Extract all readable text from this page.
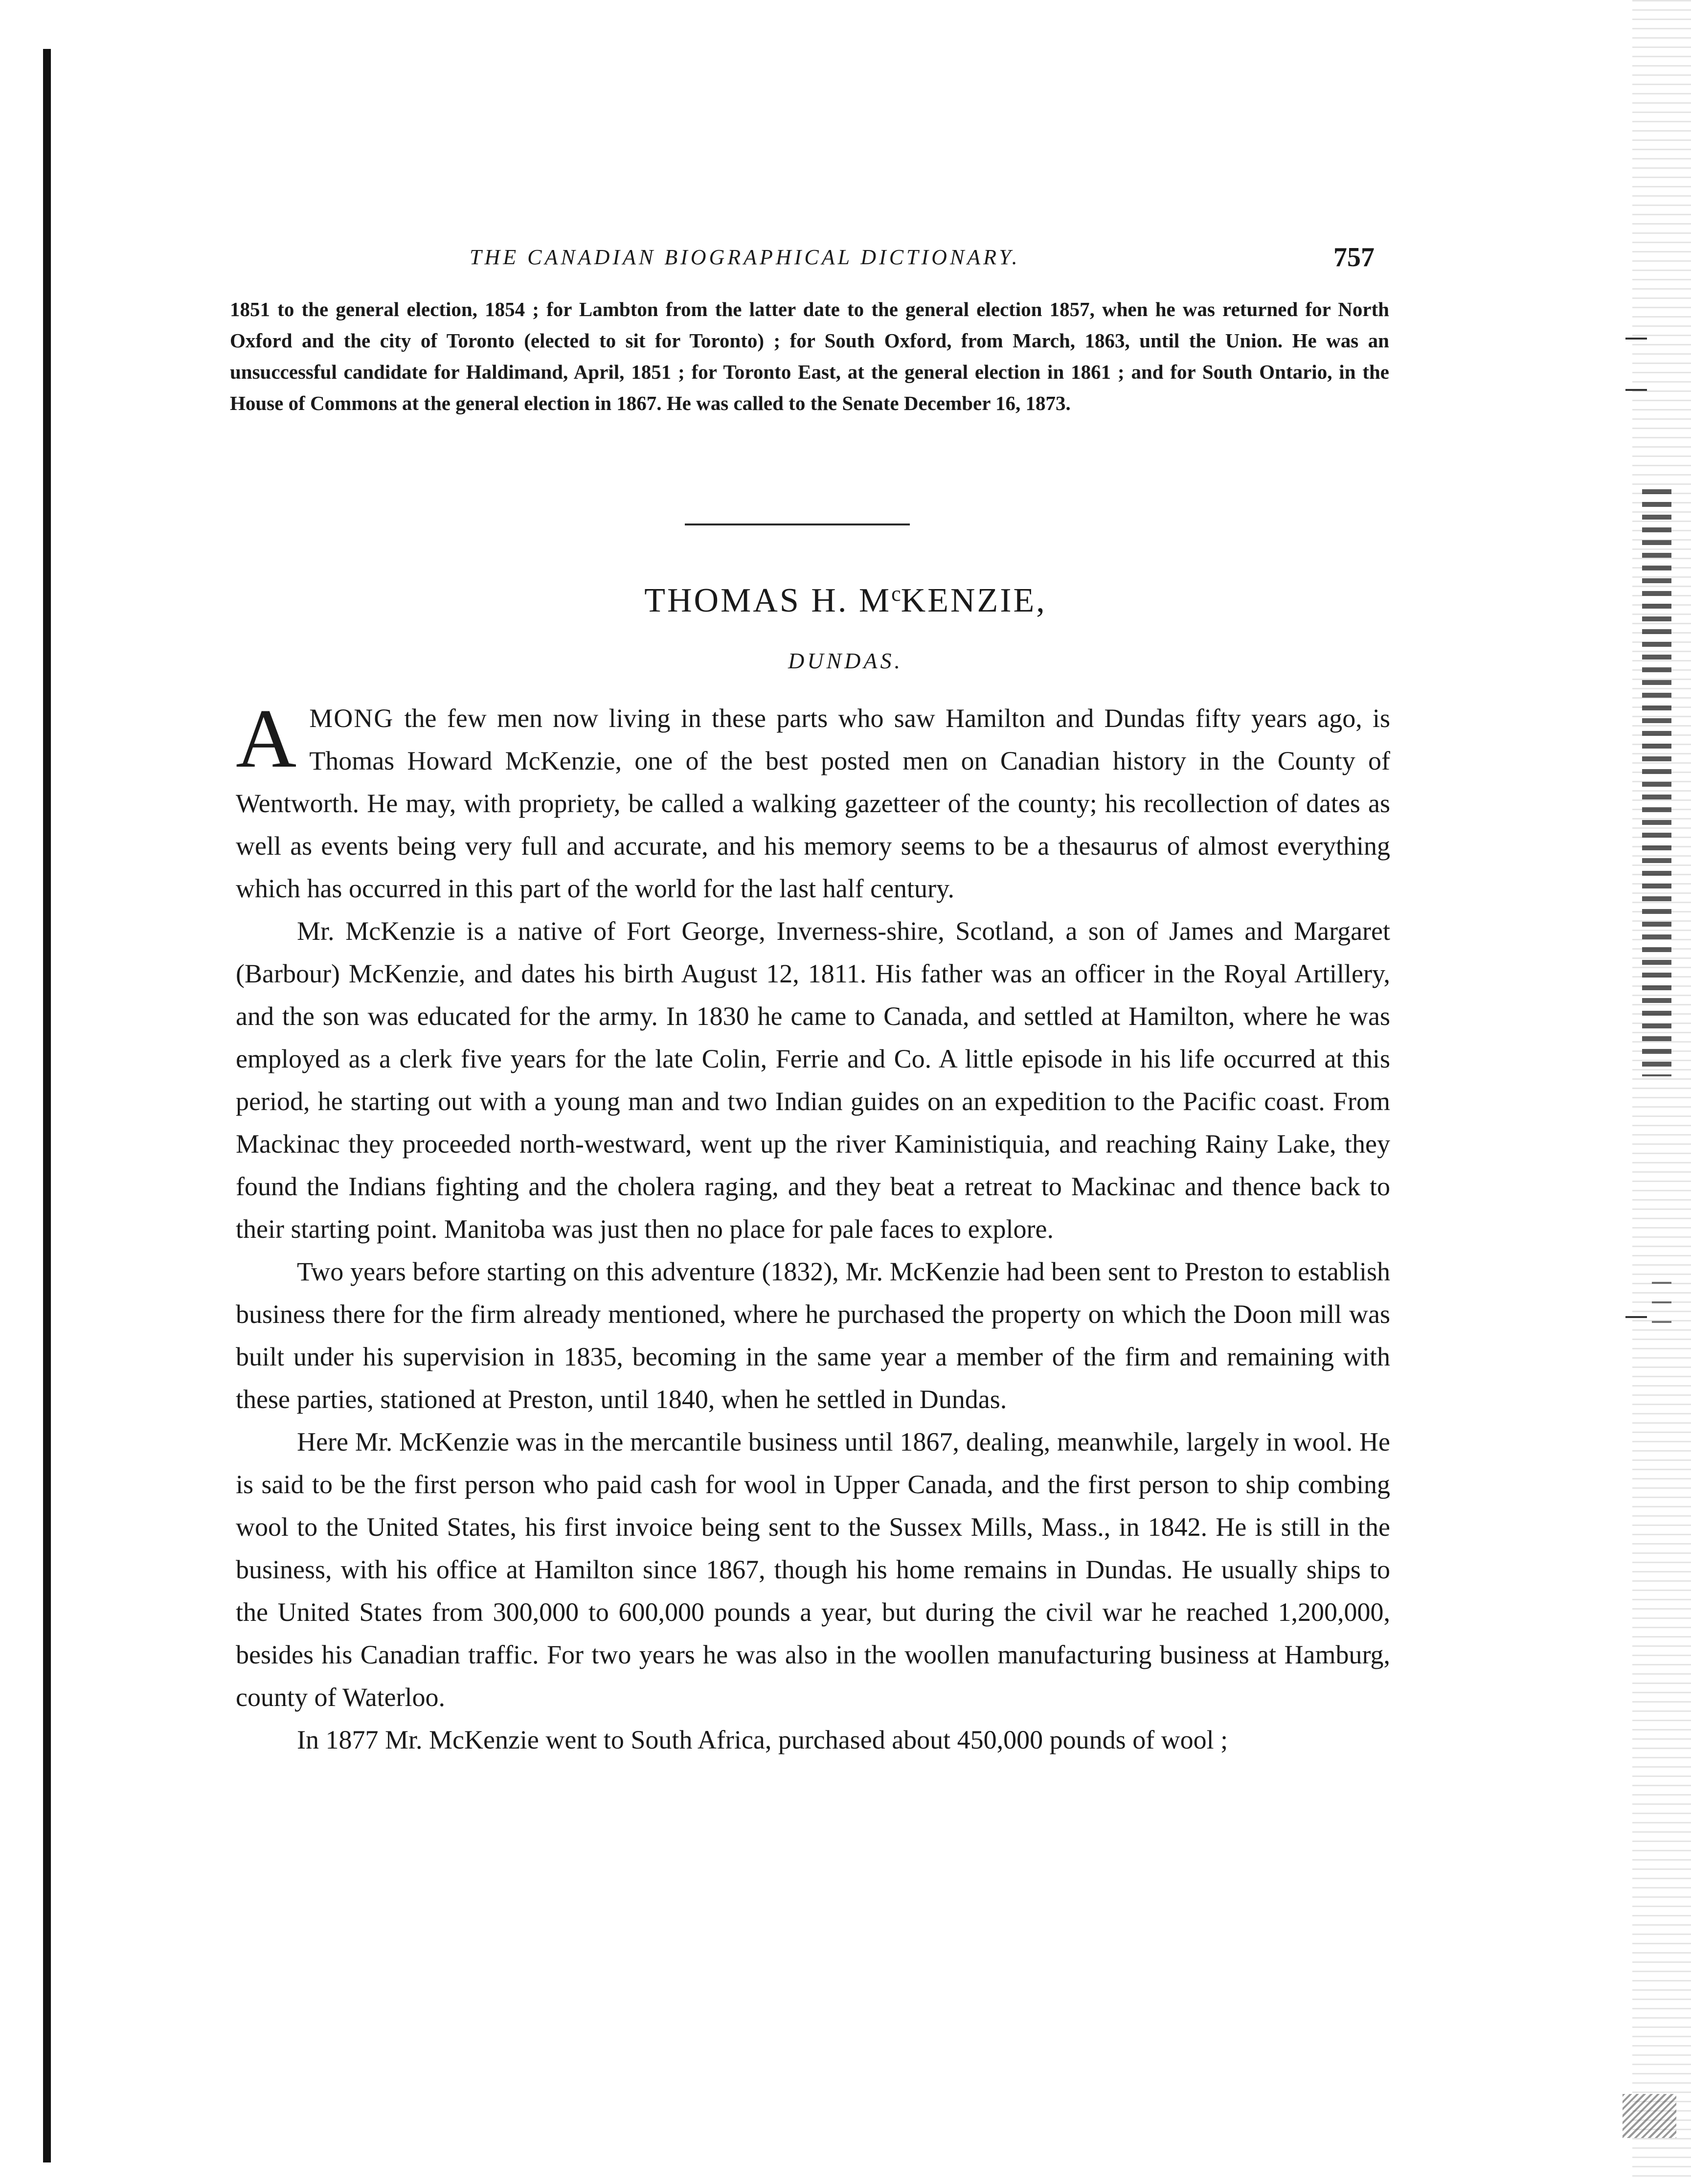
THE CANADIAN BIOGRAPHICAL DICTIONARY.	757
1851 to the general election, 1854 ; for Lambton from the latter date to the general election 1857, when he was returned for North Oxford and the city of Toronto (elected to sit for Toronto) ; for South Oxford, from March, 1863, until the Union. He was an unsuccessful candidate for Haldimand, April, 1851 ; for Toronto East, at the general election in 1861 ; and for South Ontario, in the House of Commons at the general election in 1867. He was called to the Senate December 16, 1873.
THOMAS H. $M^cKENZIE$,
DUNDAS.

AMONG the few men now living in these parts who saw Hamilton and Dundas fifty years ago, is Thomas Howard McKenzie, one of the best posted men on Canadian history in the County of Wentworth. He may, with propriety, be called a walking gazetteer of the county; his recollection of dates as well as events being very full and accurate, and his memory seems to be a thesaurus of almost everything which has occurred in this part of the world for the last half century.

Mr. McKenzie is a native of Fort George, Inverness-shire, Scotland, a son of James and Margaret (Barbour) McKenzie, and dates his birth August 12, 1811. His father was an officer in the Royal Artillery, and the son was educated for the army. In 1830 he came to Canada, and settled at Hamilton, where he was employed as a clerk five years for the late Colin, Ferrie and Co. A little episode in his life occurred at this period, he starting out with a young man and two Indian guides on an expedition to the Pacific coast. From Mackinac they proceeded north-westward, went up the river Kaministiquia, and reaching Rainy Lake, they found the Indians fighting and the cholera raging, and they beat a retreat to Mackinac and thence back to their starting point. Manitoba was just then no place for pale faces to explore.

Two years before starting on this adventure (1832), Mr. McKenzie had been sent to Preston to establish business there for the firm already mentioned, where he purchased the property on which the Doon mill was built under his supervision in 1835, becoming in the same year a member of the firm and remaining with these parties, stationed at Preston, until 1840, when he settled in Dundas.

Here Mr. McKenzie was in the mercantile business until 1867, dealing, meanwhile, largely in wool. He is said to be the first person who paid cash for wool in Upper Canada, and the first person to ship combing wool to the United States, his first invoice being sent to the Sussex Mills, Mass., in 1842. He is still in the business, with his office at Hamilton since 1867, though his home remains in Dundas. He usually ships to the United States from 300,000 to 600,000 pounds a year, but during the civil war he reached 1,200,000, besides his Canadian traffic. For two years he was also in the woollen manufacturing business at Hamburg, county of Waterloo.

In 1877 Mr. McKenzie went to South Africa, purchased about 450,000 pounds of wool ;
